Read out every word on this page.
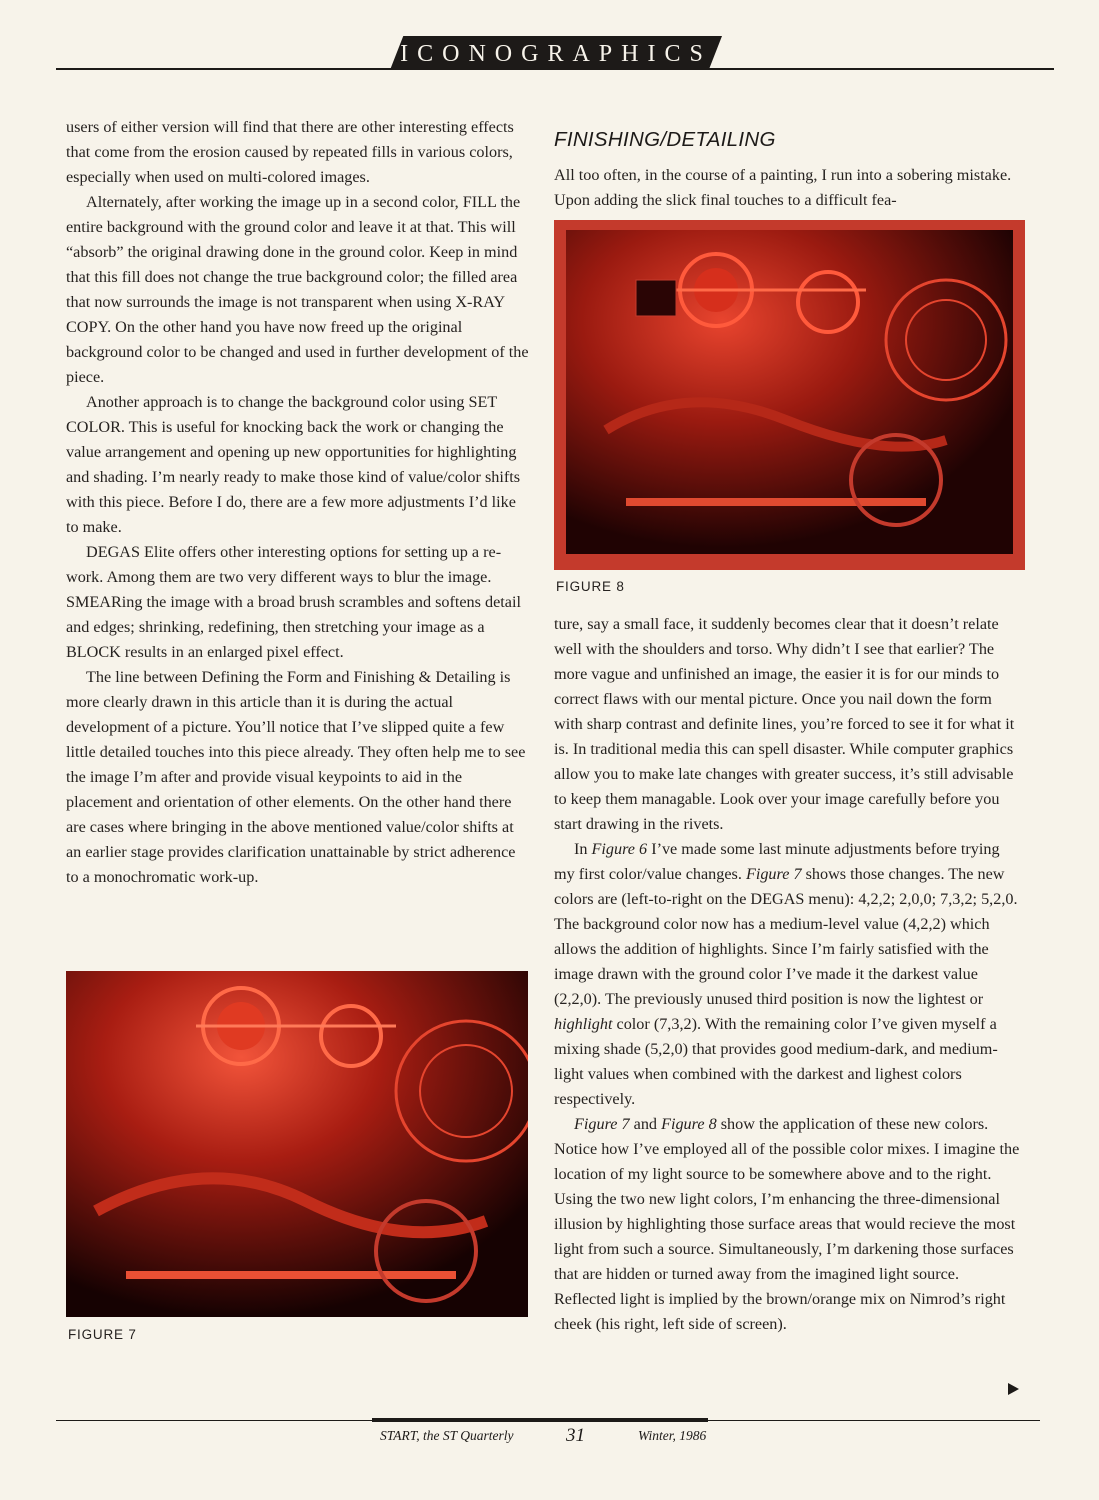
ICONOGRAPHICS

users of either version will find that there are other interesting effects that come from the erosion caused by repeated fills in various colors, especially when used on multi-colored images.

Alternately, after working the image up in a second color, FILL the entire background with the ground color and leave it at that. This will “absorb” the original drawing done in the ground color. Keep in mind that this fill does not change the true background color; the filled area that now surrounds the image is not transparent when using X-RAY COPY. On the other hand you have now freed up the original background color to be changed and used in further development of the piece.

Another approach is to change the background color using SET COLOR. This is useful for knocking back the work or changing the value arrangement and opening up new opportunities for highlighting and shading. I’m nearly ready to make those kind of value/color shifts with this piece. Before I do, there are a few more adjustments I’d like to make.

DEGAS Elite offers other interesting options for setting up a re-work. Among them are two very different ways to blur the image. SMEARing the image with a broad brush scrambles and softens detail and edges; shrinking, redefining, then stretching your image as a BLOCK results in an enlarged pixel effect.

The line between Defining the Form and Finishing & Detailing is more clearly drawn in this article than it is during the actual development of a picture. You’ll notice that I’ve slipped quite a few little detailed touches into this piece already. They often help me to see the image I’m after and provide visual keypoints to aid in the placement and orientation of other elements. On the other hand there are cases where bringing in the above mentioned value/color shifts at an earlier stage provides clarification unattainable by strict adherence to a monochromatic work-up.

FINISHING/DETAILING

All too often, in the course of a painting, I run into a sobering mistake. Upon adding the slick final touches to a difficult fea-

FIGURE 8

ture, say a small face, it suddenly becomes clear that it doesn’t relate well with the shoulders and torso. Why didn’t I see that earlier? The more vague and unfinished an image, the easier it is for our minds to correct flaws with our mental picture. Once you nail down the form with sharp contrast and definite lines, you’re forced to see it for what it is. In traditional media this can spell disaster. While computer graphics allow you to make late changes with greater success, it’s still advisable to keep them managable. Look over your image carefully before you start drawing in the rivets.

In Figure 6 I’ve made some last minute adjustments before trying my first color/value changes. Figure 7 shows those changes. The new colors are (left-to-right on the DEGAS menu): 4,2,2; 2,0,0; 7,3,2; 5,2,0. The background color now has a medium-level value (4,2,2) which allows the addition of highlights. Since I’m fairly satisfied with the image drawn with the ground color I’ve made it the darkest value (2,2,0). The previously unused third position is now the lightest or highlight color (7,3,2). With the remaining color I’ve given myself a mixing shade (5,2,0) that provides good medium-dark, and medium-light values when combined with the darkest and lighest colors respectively.

Figure 7 and Figure 8 show the application of these new colors. Notice how I’ve employed all of the possible color mixes. I imagine the location of my light source to be somewhere above and to the right. Using the two new light colors, I’m enhancing the three-dimensional illusion by highlighting those surface areas that would recieve the most light from such a source. Simultaneously, I’m darkening those surfaces that are hidden or turned away from the imagined light source. Reflected light is implied by the brown/orange mix on Nimrod’s right cheek (his right, left side of screen).

FIGURE 7
START, the ST Quarterly	31	Winter, 1986
